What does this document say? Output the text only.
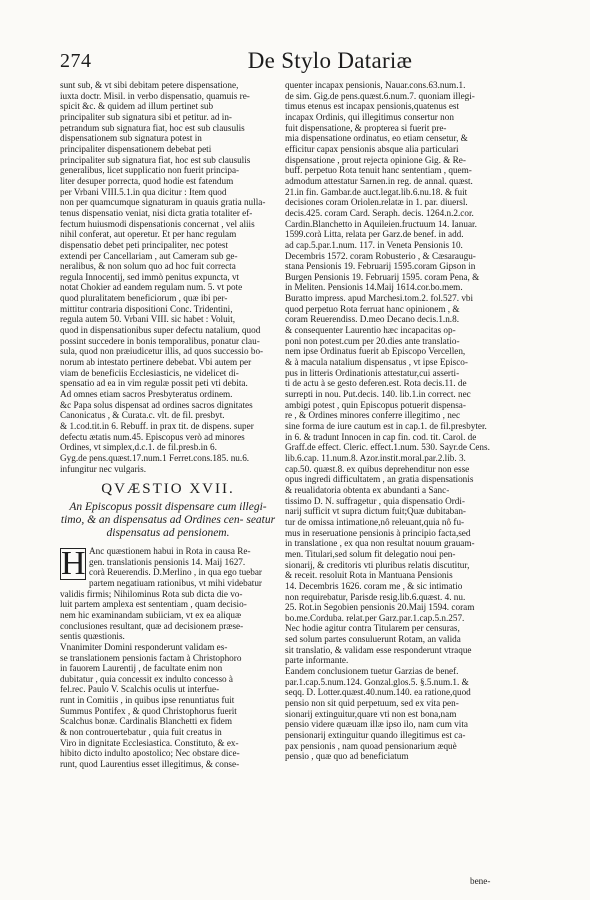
274	De Stylo Datariæ
sunt sub, & vt sibi debitam petere dispensatione,
iuxta doctr. Misil. in verbo dispensatio, quamuis re-
spicit &c. & quidem ad illum pertinet sub
principaliter sub signatura sibi et petitur. ad in-
petrandum sub signatura fiat, hoc est sub clausulis
dispensationem sub signatura potest in
principaliter dispensationem debebat peti
principaliter sub signatura fiat, hoc est sub clausulis
generalibus, licet supplicatio non fuerit principa-
liter desuper porrecta, quod hodie est fatendum
per Vrbani VIII.5.1.in qua dicitur : Item quod
non per quamcumque signaturam in quauis gratia nulla-
tenus dispensatio veniat, nisi dicta gratia totaliter ef-
fectum huiusmodi dispensationis concernat , vel aliis
nihil conferat, aut operetur. Et per hanc regulam
dispensatio debet peti principaliter, nec potest
extendi per Cancellariam , aut Cameram sub ge-
neralibus, & non solum quo ad hoc fuit correcta
regula Innocentij, sed immò penitus expuncta, vt
notat Chokier ad eandem regulam num. 5. vt pote
quod pluralitatem beneficiorum , quæ ibi per-
mittitur contraria dispositioni Conc. Tridentini,
regula autem 50. Vrbani VIII. sic habet : Voluit,
quod in dispensationibus super defectu natalium, quod
possint succedere in bonis temporalibus, ponatur clau-
sula, quod non præiudicetur illis, ad quos successio bo-
norum ab intestato pertinere debebat. Vbi autem per
viam de beneficiis Ecclesiasticis, ne videlicet di-
spensatio ad ea in vim regulæ possit peti vti debita.
Ad omnes etiam sacros Presbyteratus ordinem.
&c Papa solus dispensat ad ordines sacros dignitates
Canonicatus , & Curata.c. vlt. de fil. presbyt.
& 1.cod.tit.in 6. Rebuff. in prax tit. de dispens. super
defectu ætatis num.45. Episcopus verò ad minores
Ordines, vt simplex,d.c.1. de fil.presb.in 6.
Gyg.de pens.quæst.17.num.1 Ferret.cons.185. nu.6.
infungitur nec vulgaris.
QVÆSTIO XVII.
An Episcopus possit dispensare cum illegi- timo, & an dispensatus ad Ordines cen- seatur dispensatus ad pensionem.
H Anc quæstionem habui in Rota in causa Re-
gen. translationis pensionis 14. Maij 1627.
corà Reuerendis. D.Merlino , in qua ego tuebar
partem negatiuam rationibus, vt mihi videbatur
validis firmis; Nihilominus Rota sub dicta die vo-
luit partem amplexa est sententiam , quam decisio-
nem hic examinandam subiiciam, vt ex ea aliquæ
conclusiones resultant, quæ ad decisionem præse-
sentis quæstionis.
Vnanimiter Domini responderunt validam es-
se translationem pensionis factam à Christophoro
in fauorem Laurentij , de facultate enim non
dubitatur , quia concessit ex indulto concesso à
fel.rec. Paulo V. Scalchis oculis ut interfue-
runt in Comitiis , in quibus ipse renuntiatus fuit
Summus Pontifex , & quod Christophorus fuerit
Scalchus bonæ. Cardinalis Blanchetti ex fidem
& non controuertebatur , quia fuit creatus in
Viro in dignitate Ecclesiastica. Constituto, & ex-
hibito dicto indulto apostolico; Nec obstare dice-
runt, quod Laurentius esset illegitimus, & conse-
quenter incapax pensionis, Nauar.cons.63.num.1.
de sim. Gig.de pens.quæst.6.num.7. quoniam illegi-
timus etenus est incapax pensionis,quatenus est
incapax Ordinis, qui illegitimus consertur non
fuit dispensatione, & propterea si fuerit pre-
mia dispensatione ordinatus, eo etiam censetur, &
efficitur capax pensionis absque alia particulari
dispensatione , prout rejecta opinione Gig. & Re-
buff. perpetuo Rota tenuit hanc sententiam , quem-
admodum attestatur Sarnen.in reg. de annal. quæst.
21.in fin. Gambar.de auct.legat.lib.6.nu.18. & fuit
decisiones coram Oriolen.relatæ in 1. par. diuersl.
decis.425. coram Card. Seraph. decis. 1264.n.2.cor.
Cardin.Blanchetto in Aquileien.fructuum 14. Ianuar.
1599.corà Litta, relata per Garz.de benef. in add.
ad cap.5.par.1.num. 117. in Veneta Pensionis 10.
Decembris 1572. coram Robusterio , & Cæsaraugu-
stana Pensionis 19. Februarij 1595.coram Gipson in
Burgen Pensionis 19. Februarij 1595. coram Pena, &
in Meliten. Pensionis 14.Maij 1614.cor.bo.mem.
Buratto impress. apud Marchesi.tom.2. fol.527. vbi
quod perpetuo Rota ferruat hanc opinionem , &
coram Reuerendiss. D.meo Decano decis.1.n.8.
& consequenter Laurentio hæc incapacitas op-
poni non potest.cum per 20.dies ante translatio-
nem ipse Ordinatus fuerit ab Episcopo Vercellen,
& à macula natalium dispensatus , vt ipse Episco-
pus in litteris Ordinationis attestatur,cui asserti-
ti de actu à se gesto deferen.est. Rota decis.11. de
surrepti in nou. Put.decis. 140. lib.1.in correct. nec
ambigi potest , quin Episcopus potuerit dispensa-
re , & Ordines minores conferre illegitimo , nec
sine forma de iure cautum est in cap.1. de fil.presbyter.
in 6. & tradunt Innocen in cap fin. cod. tit. Carol. de
Graff.de effect. Cleric. effect.1.num. 530. Sayr.de Cens.
lib.6.cap. 11.num.8. Azor.instit.moral.par.2.lib. 3.
cap.50. quæst.8. ex quibus deprehenditur non esse
opus ingredi difficultatem , an gratia dispensationis
& reualidatoria obtenta ex abundanti a Sanc-
tissimo D. N. suffragetur , quia dispensatio Ordi-
narij sufficit vt supra dictum fuit;Quæ dubitaban-
tur de omissa intimatione,nô releuant,quia nô fu-
mus in reseruatione pensionis à principio facta,sed
in translatione , ex qua non resultat nouum grauam-
men. Titulari,sed solum fit delegatio noui pen-
sionarij, & creditoris vti pluribus relatis discutitur,
& receit. resoluit Rota in Mantuana Pensionis
14. Decembris 1626. coram me , & sic intimatio
non requirebatur, Parisde resig.lib.6.quæst. 4. nu.
25. Rot.in Segobien pensionis 20.Maij 1594. coram
bo.me.Corduba. relat.per Garz.par.1.cap.5.n.257.
Nec hodie agitur contra Titularem per censuras,
sed solum partes consuluerunt Rotam, an valida
sit translatio, & validam esse responderunt vtraque
parte informante.
Eandem conclusionem tuetur Garzias de benef.
par.1.cap.5.num.124. Gonzal.glos.5. §.5.num.1. &
seqq. D. Lotter.quæst.40.num.140. ea ratione,quod
pensio non sit quid perpetuum, sed ex vita pen-
sionarij extinguitur,quare vti non est bona,nam
pensio videre quæuam illæ ipso ilo, nam cum vita
pensionarij extinguitur quando illegitimus est ca-
pax pensionis , nam quoad pensionarium æquè
pensio , quæ quo ad beneficiatum
bene-
